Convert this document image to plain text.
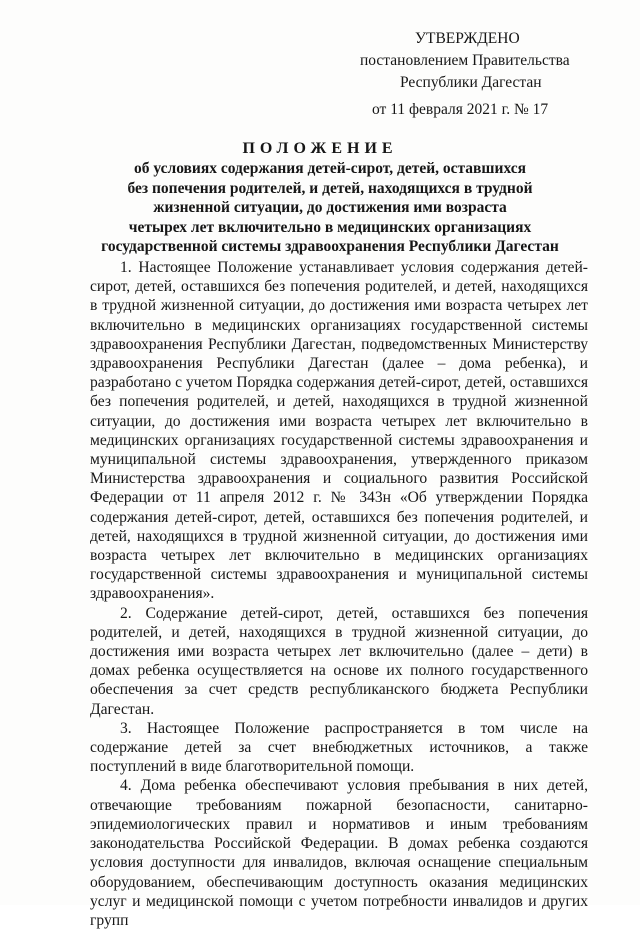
УТВЕРЖДЕНО
постановлением Правительства
Республики Дагестан
от 11 февраля 2021 г. № 17
ПОЛОЖЕНИЕ
об условиях содержания детей-сирот, детей, оставшихся
без попечения родителей, и детей, находящихся в трудной
жизненной ситуации, до достижения ими возраста
четырех лет включительно в медицинских организациях
государственной системы здравоохранения Республики Дагестан

1. Настоящее Положение устанавливает условия содержания детей-сирот, детей, оставшихся без попечения родителей, и детей, находящихся в трудной жизненной ситуации, до достижения ими возраста четырех лет включительно в медицинских организациях государственной системы здравоохранения Республики Дагестан, подведомственных Министерству здравоохранения Республики Дагестан (далее – дома ребенка), и разработано с учетом Порядка содержания детей-сирот, детей, оставшихся без попечения родителей, и детей, находящихся в трудной жизненной ситуации, до достижения ими возраста четырех лет включительно в медицинских организациях государственной системы здравоохранения и муниципальной системы здравоохранения, утвержденного приказом Министерства здравоохранения и социального развития Российской Федерации от 11 апреля 2012 г. № 343н «Об утверждении Порядка содержания детей-сирот, детей, оставшихся без попечения родителей, и детей, находящихся в трудной жизненной ситуации, до достижения ими возраста четырех лет включительно в медицинских организациях государственной системы здравоохранения и муниципальной системы здравоохранения».

2. Содержание детей-сирот, детей, оставшихся без попечения родителей, и детей, находящихся в трудной жизненной ситуации, до достижения ими возраста четырех лет включительно (далее – дети) в домах ребенка осуществляется на основе их полного государственного обеспечения за счет средств республиканского бюджета Республики Дагестан.

3. Настоящее Положение распространяется в том числе на содержание детей за счет внебюджетных источников, а также поступлений в виде благотворительной помощи.

4. Дома ребенка обеспечивают условия пребывания в них детей, отвечающие требованиям пожарной безопасности, санитарно-эпидемиологических правил и нормативов и иным требованиям законодательства Российской Федерации. В домах ребенка создаются условия доступности для инвалидов, включая оснащение специальным оборудованием, обеспечивающим доступность оказания медицинских услуг и медицинской помощи с учетом потребности инвалидов и других групп
